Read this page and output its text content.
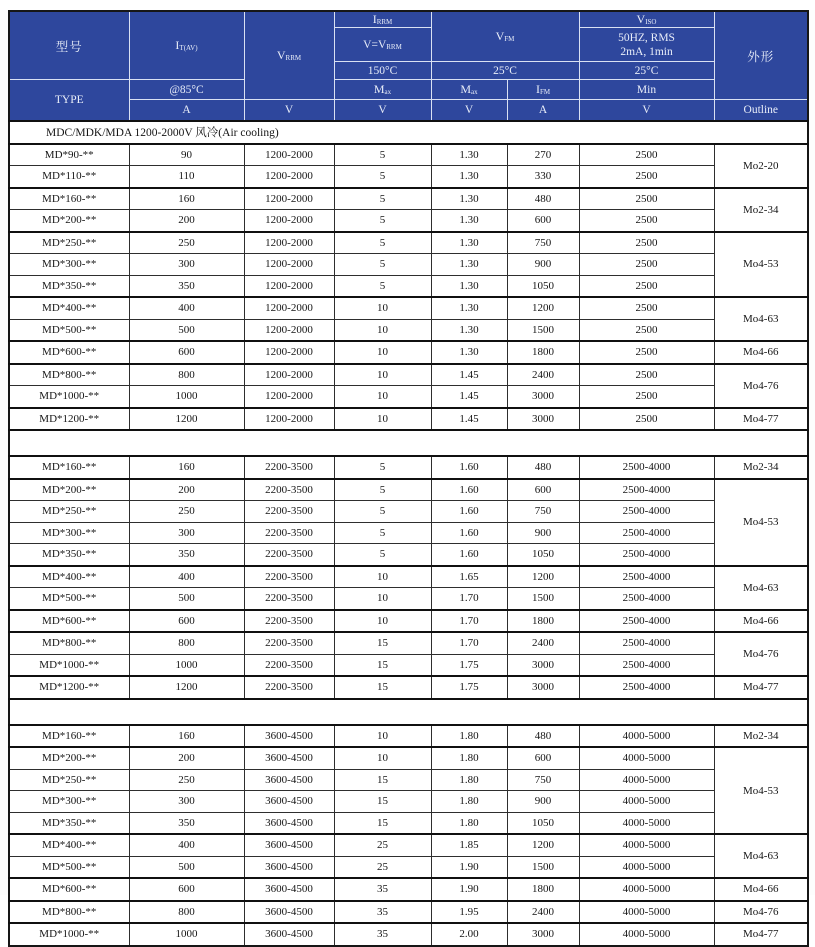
型号	$I_{T(AV)}$	$V_{RRM}$	$I_{RRM}$	$V_{FM}$		$V_{ISO}$	外形
			$V=V_{RRM}$			50HZ, RMS
2mA, 1min	

			150°C	25°C		25°C	
TYPE	@85°C		$M_{ax}$	$M_{ax}$	$I_{FM}$	Min	
	A	V	V	V	A	V	Outline
MDC/MDK/MDA 1200-2000V 风冷(Air cooling)							
MD*90-**	90	1200-2000	5	1.30	270	2500	Mo2-20
MD*110-**	110	1200-2000	5	1.30	330	2500	
MD*160-**	160	1200-2000	5	1.30	480	2500	Mo2-34
MD*200-**	200	1200-2000	5	1.30	600	2500	
MD*250-**	250	1200-2000	5	1.30	750	2500	Mo4-53
MD*300-**	300	1200-2000	5	1.30	900	2500	
MD*350-**	350	1200-2000	5	1.30	1050	2500	
MD*400-**	400	1200-2000	10	1.30	1200	2500	Mo4-63
MD*500-**	500	1200-2000	10	1.30	1500	2500	
MD*600-**	600	1200-2000	10	1.30	1800	2500	Mo4-66
MD*800-**	800	1200-2000	10	1.45	2400	2500	Mo4-76
MD*1000-**	1000	1200-2000	10	1.45	3000	2500	
MD*1200-**	1200	1200-2000	10	1.45	3000	2500	Mo4-77

MD*160-**	160	2200-3500	5	1.60	480	2500-4000	Mo2-34
MD*200-**	200	2200-3500	5	1.60	600	2500-4000	Mo4-53
MD*250-**	250	2200-3500	5	1.60	750	2500-4000	
MD*300-**	300	2200-3500	5	1.60	900	2500-4000	
MD*350-**	350	2200-3500	5	1.60	1050	2500-4000	
MD*400-**	400	2200-3500	10	1.65	1200	2500-4000	Mo4-63
MD*500-**	500	2200-3500	10	1.70	1500	2500-4000	
MD*600-**	600	2200-3500	10	1.70	1800	2500-4000	Mo4-66
MD*800-**	800	2200-3500	15	1.70	2400	2500-4000	Mo4-76
MD*1000-**	1000	2200-3500	15	1.75	3000	2500-4000	
MD*1200-**	1200	2200-3500	15	1.75	3000	2500-4000	Mo4-77

MD*160-**	160	3600-4500	10	1.80	480	4000-5000	Mo2-34
MD*200-**	200	3600-4500	10	1.80	600	4000-5000	Mo4-53
MD*250-**	250	3600-4500	15	1.80	750	4000-5000	
MD*300-**	300	3600-4500	15	1.80	900	4000-5000	
MD*350-**	350	3600-4500	15	1.80	1050	4000-5000	
MD*400-**	400	3600-4500	25	1.85	1200	4000-5000	Mo4-63
MD*500-**	500	3600-4500	25	1.90	1500	4000-5000	
MD*600-**	600	3600-4500	35	1.90	1800	4000-5000	Mo4-66
MD*800-**	800	3600-4500	35	1.95	2400	4000-5000	Mo4-76
MD*1000-**	1000	3600-4500	35	2.00	3000	4000-5000	Mo4-77
